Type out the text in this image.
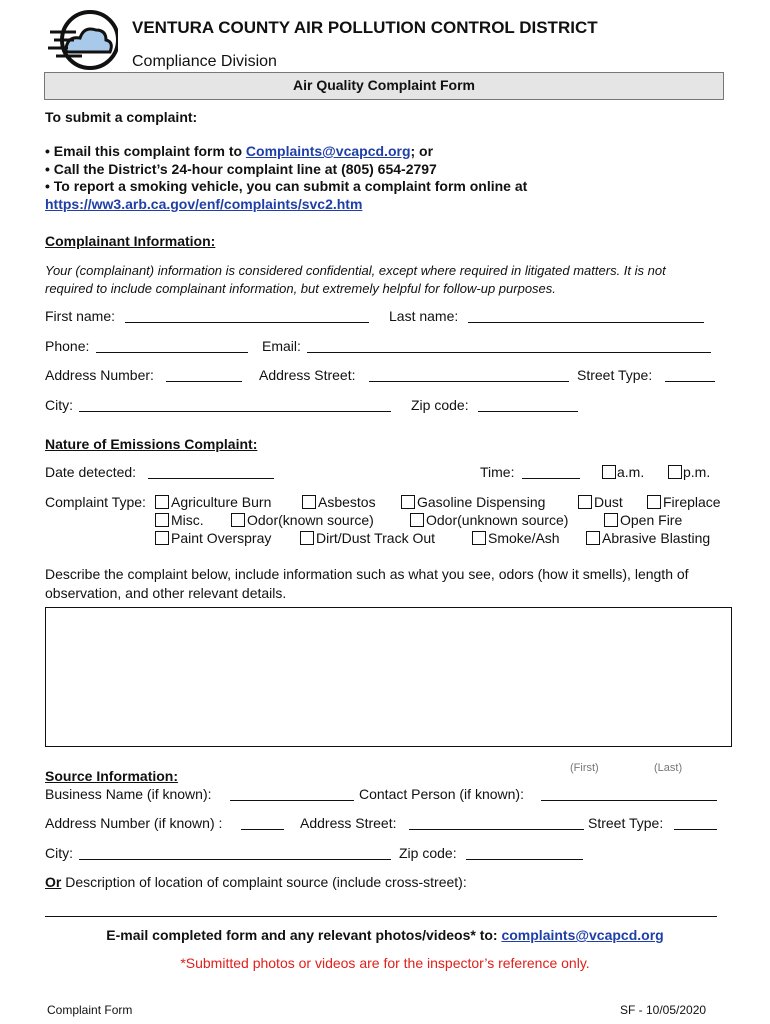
VENTURA COUNTY AIR POLLUTION CONTROL DISTRICT
Compliance Division
Air Quality Complaint Form
To submit a complaint:
• Email this complaint form to Complaints@vcapcd.org; or
• Call the District’s 24-hour complaint line at (805) 654-2797
• To report a smoking vehicle, you can submit a complaint form online at
https://ww3.arb.ca.gov/enf/complaints/svc2.htm
Complainant Information:
Your (complainant) information is considered confidential, except where required in litigated matters. It is not
required to include complainant information, but extremely helpful for follow-up purposes.
First name:	Last name:
Phone:	Email:
Address Number:	Address Street:	Street Type:
City:	Zip code:
Nature of Emissions Complaint:
Date detected:	Time:	a.m.	p.m.
Complaint Type: Agriculture Burn	Asbestos	Gasoline Dispensing	Dust	Fireplace
Misc.	Odor(known source)	Odor(unknown source)	Open Fire
Paint Overspray	Dirt/Dust Track Out	Smoke/Ash	Abrasive Blasting
Describe the complaint below, include information such as what you see, odors (how it smells), length of
observation, and other relevant details.
(First)	(Last)
Source Information:
Business Name (if known):	Contact Person (if known):
Address Number (if known) :	Address Street:	Street Type:
City:	Zip code:
Or Description of location of complaint source (include cross-street):
E-mail completed form and any relevant photos/videos* to: complaints@vcapcd.org
*Submitted photos or videos are for the inspector’s reference only.
Complaint Form	SF - 10/05/2020
